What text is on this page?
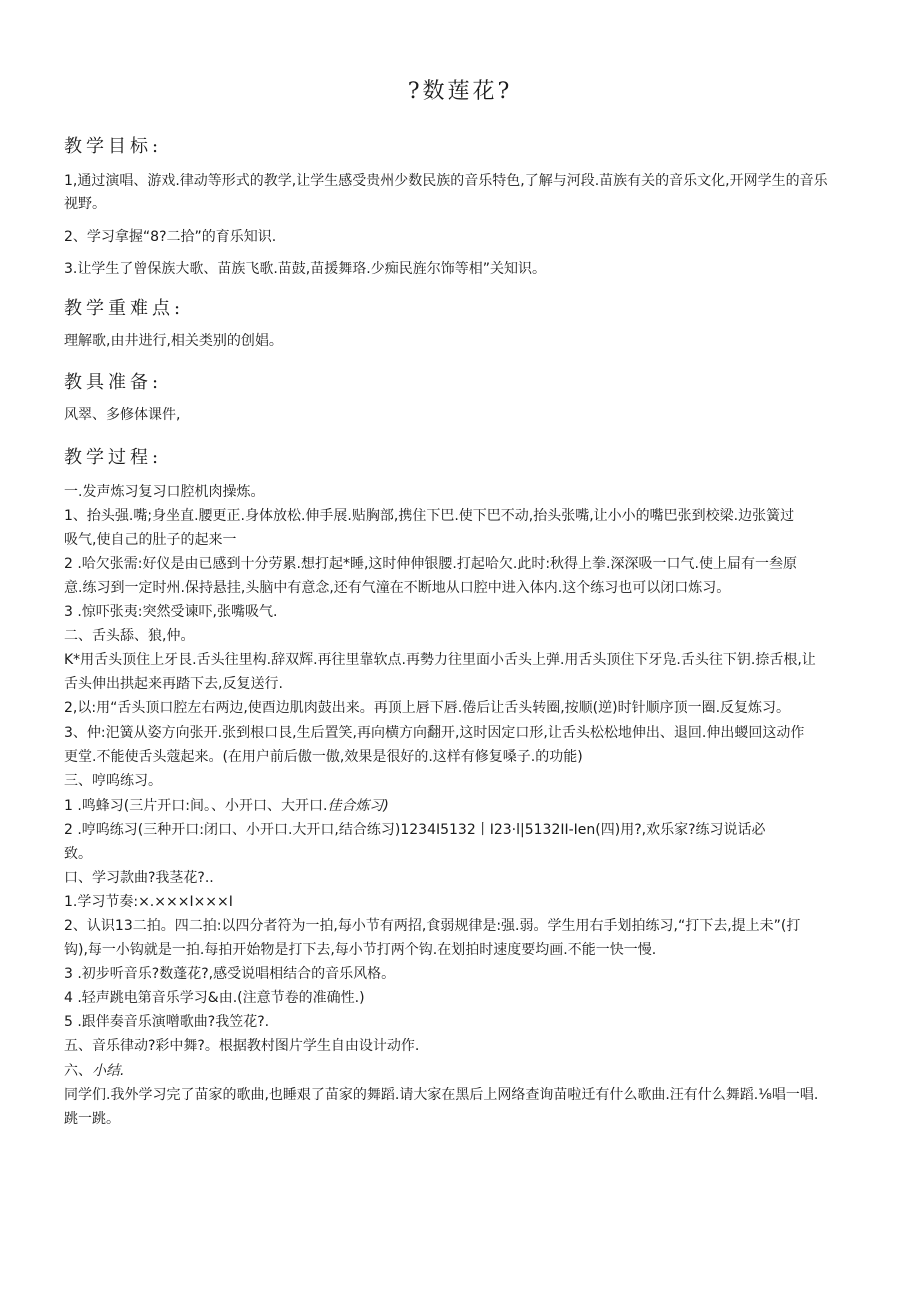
?数莲花?
教学目标:
1,通过演唱、游戏.律动等形式的教学,让学生感受贵州少数民族的音乐特色,了解与河段.苗族有关的音乐文化,开网学生的音乐
视野。
2、学习拿握“8?二拾”的育乐知识.
3.让学生了曾保族大歌、苗族飞歌.苗鼓,苗援舞珞.少痴民旌尔饰等相”关知识。
教学重难点:
理解歌,由井进行,相关类别的创娼。
教具准备:
风翠、多修体课件,
教学过程:
一.发声炼习复习口腔机肉操炼。
1、抬头强.嘴;身坐直.腰更正.身体放松.伸手展.贴胸部,携住下巴.使下巴不动,抬头张嘴,让小小的嘴巴张到校梁.边张簧过
吸气,使自己的肚子的起来一
2 .哈欠张需:好仪是由已感到十分劳累.想打起*睡,这时伸伸银腰.打起哈欠.此时:秋得上拳.深深吸一口气.使上屇有一叁原
意.练习到一定时州.保持悬挂,头脑中有意念,还有气潼在不断地从口腔中进入体内.这个练习也可以闭口炼习。
3 .惊吓张夷:突然受谏吓,张嘴吸气.
二、舌头舔、狼,仲。
K*用舌头顶住上牙艮.舌头往里构.辞双辉.再往里靠软点.再勢力往里面小舌头上弹.用舌头顶住下牙凫.舌头往下钥.捺舌根,让
舌头伸出拱起来再踏下去,反复送行.
2,以:用“舌头顶口腔左右两边,使酉边肌肉鼓出来。再顶上唇下唇.倦后让舌头转圈,按顺(逆)时针顺序顶一圈.反复炼习。
3、仲:汜簧从姿方向张开.张到根口艮,生后置笑,再向横方向翻开,这时因定口形,让舌头松松地伸出、退回.伸出蝬回这动作
更堂.不能使舌头蔻起来。(在用户前后傲一傲,效果是很好的.这样有修复嗓子.的功能)
三、哼呜练习。
1 .鸣蜂习(三片开口:间。、小开口、大开口.佳合炼习)
2 .哼呜练习(三种开口:闭口、小开口.大开口,结合练习)1234I5132丨I23·l|5132II-Ien(四)用?,欢乐家?练习说话必
致。
口、学习款曲?我茎花?..
1.学习节奏:×.×××I×××I
2、认识13二拍。四二拍:以四分者符为一拍,每小节有两招,食弱规律是:强.弱。学生用右手划拍练习,“打下去,提上未”(打
钩),每一小钩就是一拍.每拍开始物是打下去,每小节打两个钩.在划拍时速度要均画.不能一快一慢.
3 .初步听音乐?数蓬花?,感受说唱相结合的音乐风格。
4 .轻声跳电第音乐学习&由.(注意节卷的准确性.)
5 .跟伴奏音乐演噌歌曲?我笠花?.
五、音乐律动?彩中舞?。根据教村图片学生自由设计动作.
六、小结.
同学们.我外学习完了苗家的歌曲,也睡艰了苗家的舞蹈.请大家在黑后上网络查询苗啦迁有什么歌曲.汪有什么舞蹈.⅛唱一唱.
跳一跳。
